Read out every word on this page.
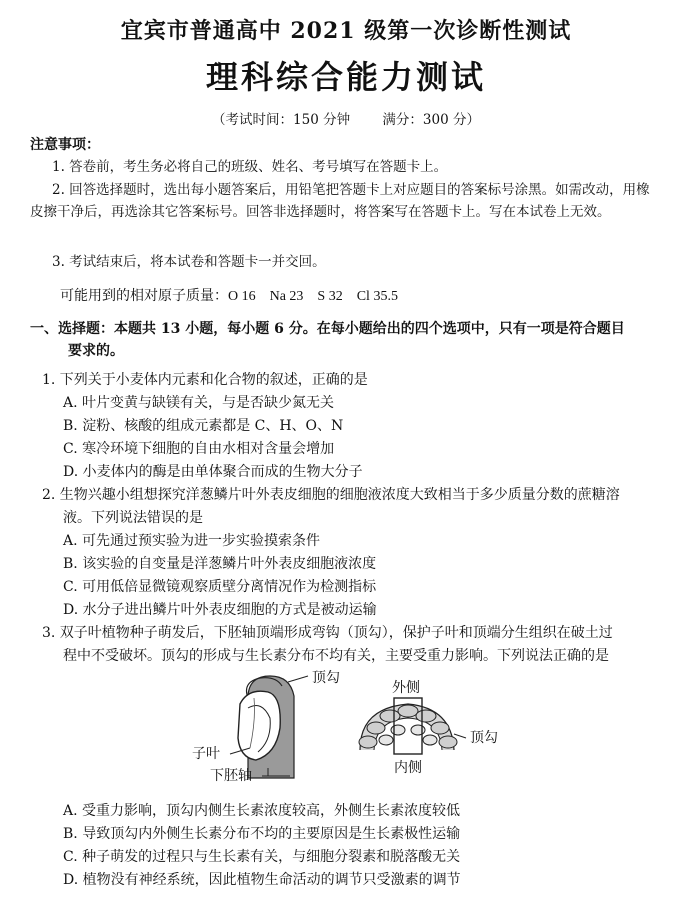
宜宾市普通高中 2021 级第一次诊断性测试
理科综合能力测试
（考试时间：150 分钟 满分：300 分）
注意事项：
1. 答卷前，考生务必将自己的班级、姓名、考号填写在答题卡上。
2. 回答选择题时，选出每小题答案后，用铅笔把答题卡上对应题目的答案标号涂黑。如需改动，用橡皮擦干净后，再选涂其它答案标号。回答非选择题时，将答案写在答题卡上。写在本试卷上无效。
3. 考试结束后，将本试卷和答题卡一并交回。
可能用到的相对原子质量：O 16　Na 23　S 32　Cl 35.5
一、选择题：本题共 13 小题，每小题 6 分。在每小题给出的四个选项中，只有一项是符合题目
要求的。
1. 下列关于小麦体内元素和化合物的叙述，正确的是
A. 叶片变黄与缺镁有关，与是否缺少氮无关
B. 淀粉、核酸的组成元素都是 C、H、O、N
C. 寒冷环境下细胞的自由水相对含量会增加
D. 小麦体内的酶是由单体聚合而成的生物大分子
2. 生物兴趣小组想探究洋葱鳞片叶外表皮细胞的细胞液浓度大致相当于多少质量分数的蔗糖溶
液。下列说法错误的是
A. 可先通过预实验为进一步实验摸索条件
B. 该实验的自变量是洋葱鳞片叶外表皮细胞液浓度
C. 可用低倍显微镜观察质壁分离情况作为检测指标
D. 水分子进出鳞片叶外表皮细胞的方式是被动运输
3. 双子叶植物种子萌发后，下胚轴顶端形成弯钩（顶勾），保护子叶和顶端分生组织在破土过
程中不受破坏。顶勾的形成与生长素分布不均有关，主要受重力影响。下列说法正确的是
顶勾
子叶
下胚轴
外侧
顶勾
内侧
A. 受重力影响，顶勾内侧生长素浓度较高，外侧生长素浓度较低
B. 导致顶勾内外侧生长素分布不均的主要原因是生长素极性运输
C. 种子萌发的过程只与生长素有关，与细胞分裂素和脱落酸无关
D. 植物没有神经系统，因此植物生命活动的调节只受激素的调节
